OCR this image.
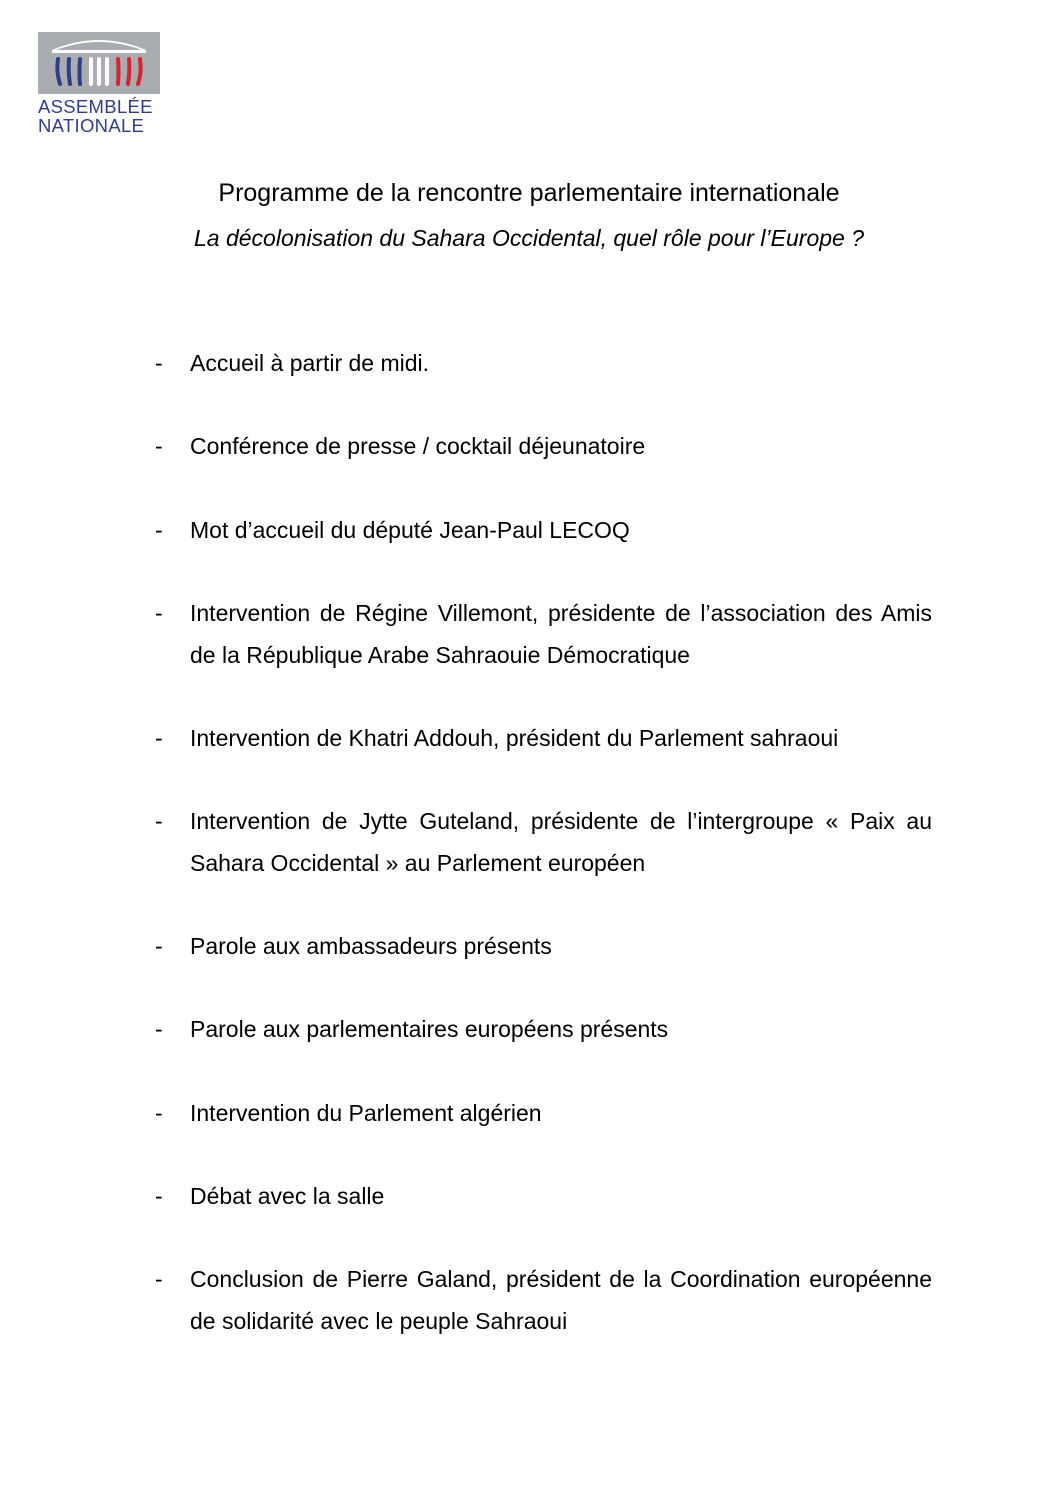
ASSEMBLÉE
NATIONALE
Programme de la rencontre parlementaire internationale
La décolonisation du Sahara Occidental, quel rôle pour l’Europe ?
-	Accueil à partir de midi.
-	Conférence de presse / cocktail déjeunatoire
-	Mot d’accueil du député Jean-Paul LECOQ
-	Intervention de Régine Villemont, présidente de l’association des Amis de la République Arabe Sahraouie Démocratique
-	Intervention de Khatri Addouh, président du Parlement sahraoui
-	Intervention de Jytte Guteland, présidente de l’intergroupe « Paix au Sahara Occidental » au Parlement européen
-	Parole aux ambassadeurs présents
-	Parole aux parlementaires européens présents
-	Intervention du Parlement algérien
-	Débat avec la salle
-	Conclusion de Pierre Galand, président de la Coordination européenne de solidarité avec le peuple Sahraoui
